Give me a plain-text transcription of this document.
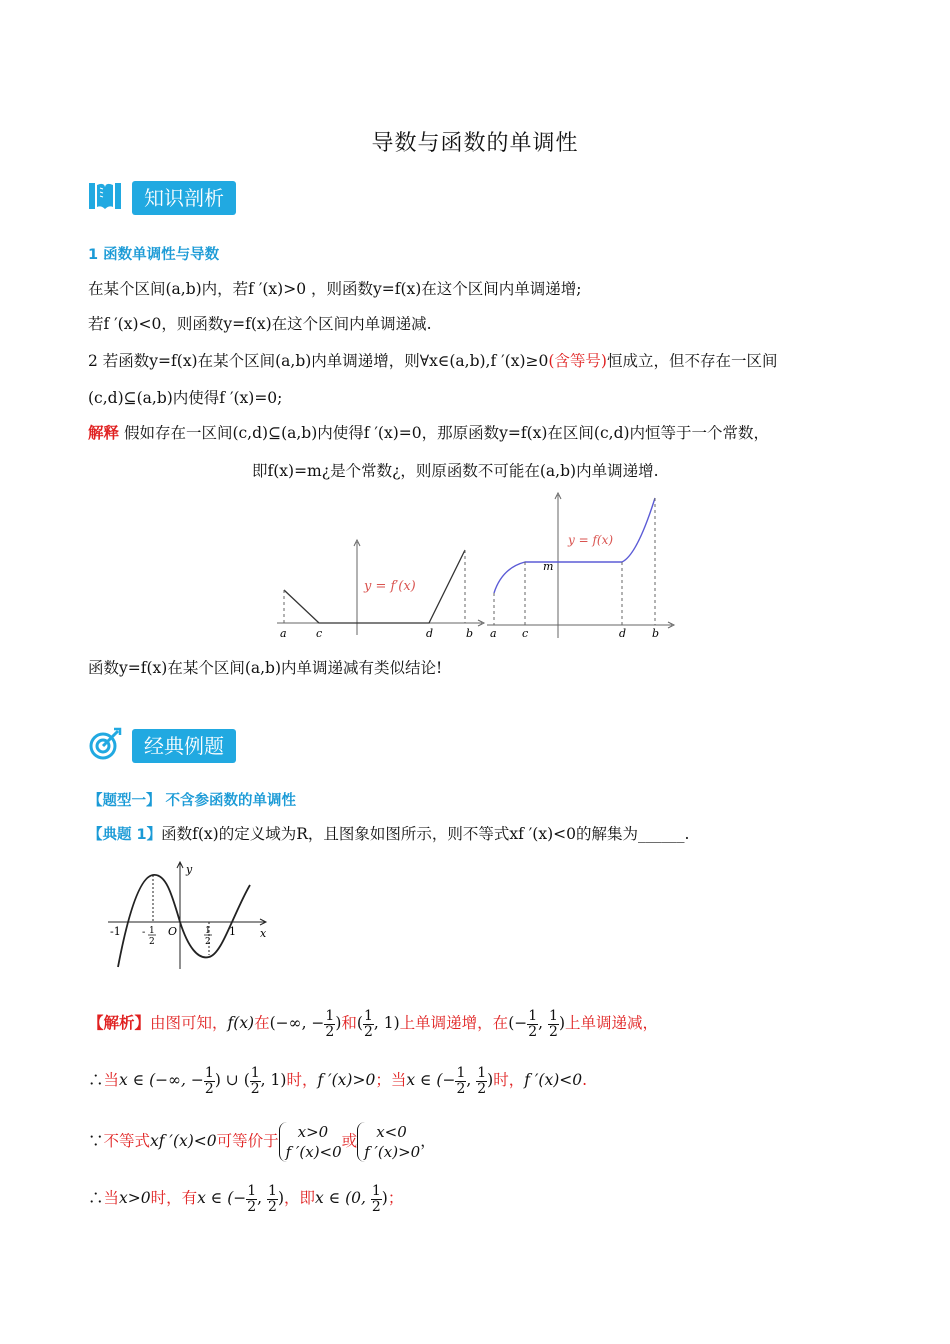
导数与函数的单调性
知识剖析
1 函数单调性与导数
在某个区间(a,b)内，若f ′(x)>0 ，则函数y=f(x)在这个区间内单调递增;
若f ′(x)<0，则函数y=f(x)在这个区间内单调递减.
2 若函数y=f(x)在某个区间(a,b)内单调递增，则∀x∈(a,b),f ′(x)≥0(含等号)恒成立，但不存在一区间
(c,d)⊆(a,b)内使得f ′(x)=0;
解释 假如存在一区间(c,d)⊆(a,b)内使得f ′(x)=0，那原函数y=f(x)在区间(c,d)内恒等于一个常数，
即f(x)=m¿是个常数¿，则原函数不可能在(a,b)内单调递增.
y = f′(x)
a	c	d	b
y = f(x)
m
a c	d b
函数y=f(x)在某个区间(a,b)内单调递减有类似结论!
经典例题
【题型一】 不含参函数的单调性
【典题 1】函数f(x)的定义域为R，且图象如图所示，则不等式xf ′(x)<0的解集为______.
y
x
O
-1	1
- 1
2
1
2
【解析】由图可知，f(x)在(−∞, − $\frac{1}{2}$ )和( $\frac{1}{2}$ , 1)上单调递增，在(− $\frac{1}{2}$ , $\frac{1}{2}$ )上单调递减，
∴当x ∈ (−∞, − $\frac{1}{2}$ ) ∪ ( $\frac{1}{2}$ , 1)时，f ′(x)>0；当x ∈ (− $\frac{1}{2}$ , $\frac{1}{2}$ )时，f ′(x)<0.
∵不等式xf ′(x)<0可等价于	x>0
f ′(x)<0
或	x<0
f ′(x)>0
，
∴当x>0时，有x ∈ (− $\frac{1}{2}$ , $\frac{1}{2}$ )，即x ∈ (0, $\frac{1}{2}$ )；
